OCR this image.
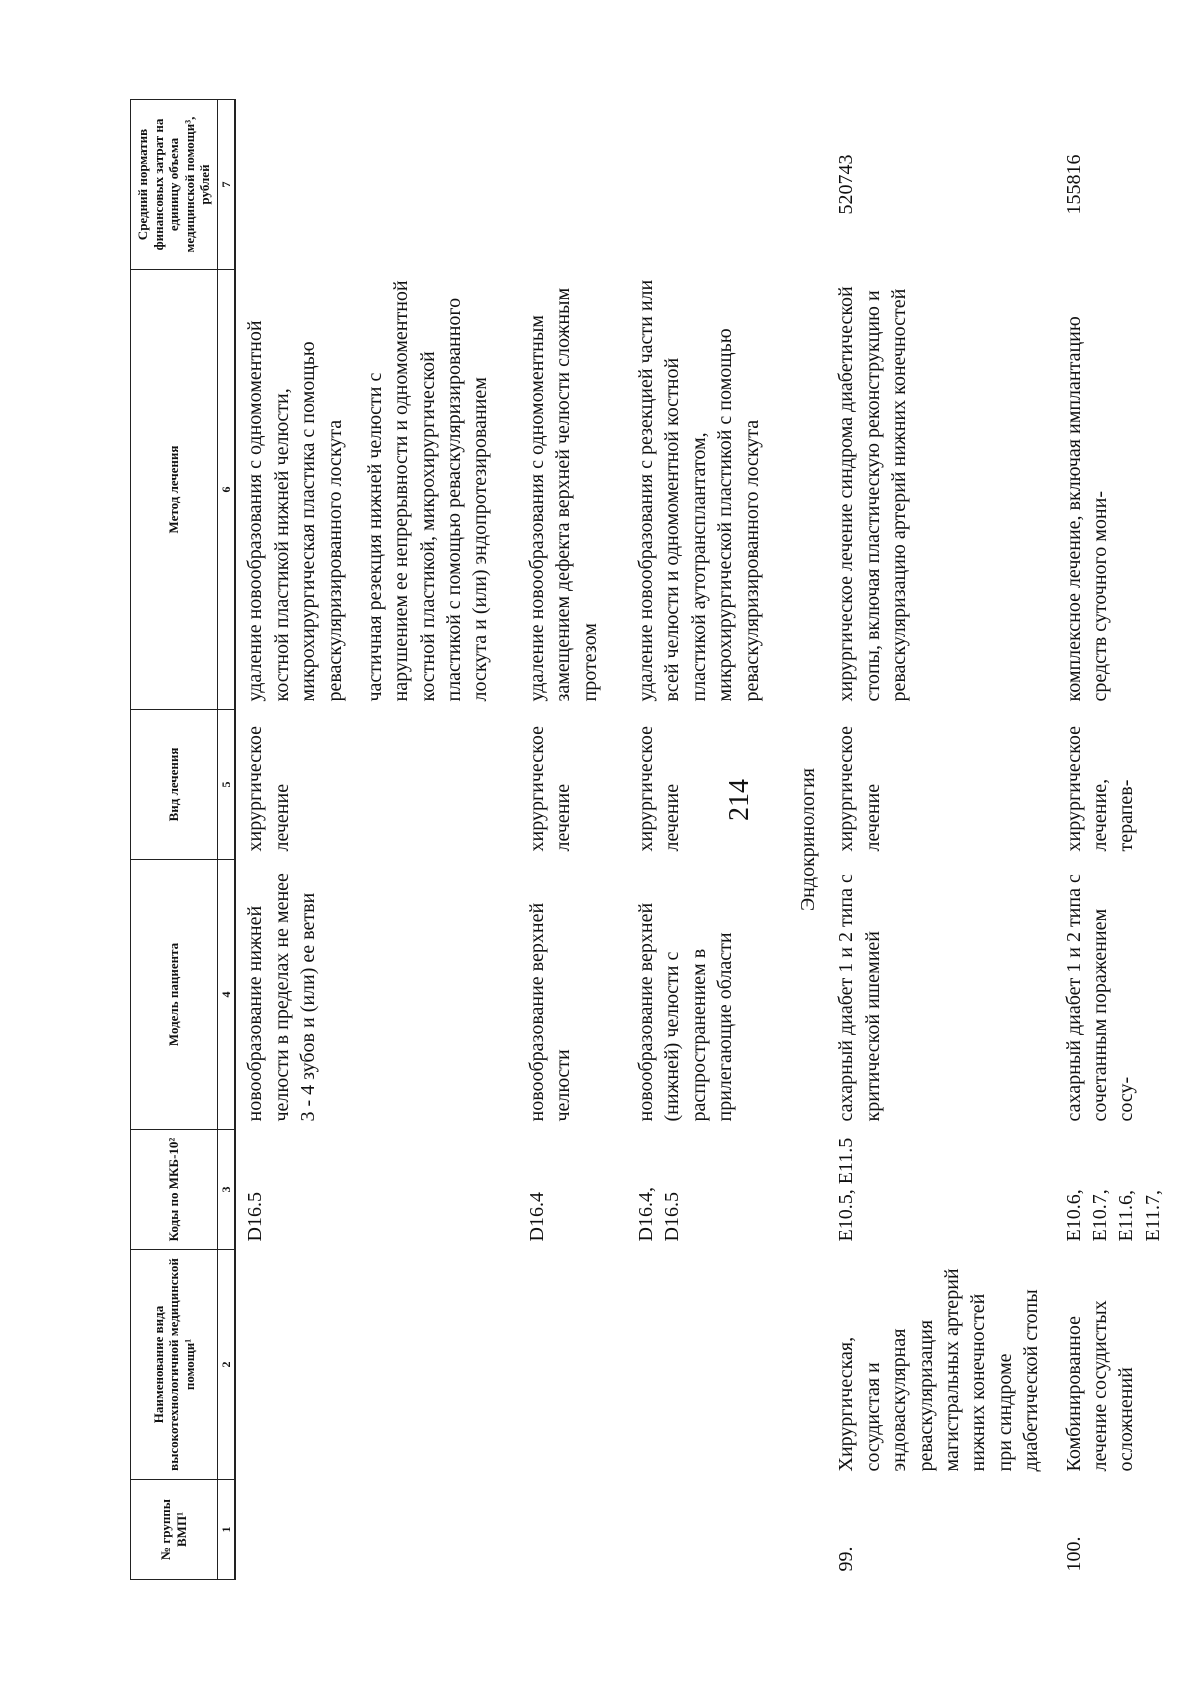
214
№ группы ВМП¹	Наименование вида высокотехнологичной медицинской помощи¹	Коды по МКБ-10²	Модель пациента	Вид лечения	Метод лечения	Средний норматив финансовых затрат на единицу объема медицинской помощи³, рублей
1	2	3	4	5	6	7
		D16.5	новообразование нижней челюсти в пределах не менее 3 - 4 зубов и (или) ее ветви	хирургическое лечение	удаление новообразования с одномоментной костной пластикой нижней челюсти, микрохирургическая пластика с помощью реваскуляризированного лоскута частичная резекция нижней челюсти с нарушением ее непрерывности и одномоментной костной пластикой, микрохирургической пластикой с помощью реваскуляризированного лоскута и (или) эндопротезированием	

		D16.4	новообразование верхней челюсти	хирургическое лечение	удаление новообразования с одномоментным замещением дефекта верхней челюсти сложным протезом	

		D16.4, D16.5	новообразование верхней (нижней) челюсти с распространением в прилегающие области	хирургическое лечение	удаление новообразования с резекцией части или всей челюсти и одномоментной костной пластикой аутотрансплантатом, микрохирургической пластикой с помощью реваскуляризированного лоскута	

Эндокринология						
99.	Хирургическая, сосудистая и эндоваскулярная реваскуляризация магистральных артерий нижних конечностей при синдроме диабетической стопы	E10.5, E11.5	сахарный диабет 1 и 2 типа с критической ишемией	хирургическое лечение	хирургическое лечение синдрома диабетической стопы, включая пластическую реконструкцию и реваскуляризацию артерий нижних конечностей	520743
100.	Комбинированное лечение сосудистых осложнений	E10.6, E10.7, E11.6, E11.7,	сахарный диабет 1 и 2 типа с сочетанным поражением сосу-	хирургическое лечение, терапев-	комплексное лечение, включая имплантацию средств суточного мони-	155816
